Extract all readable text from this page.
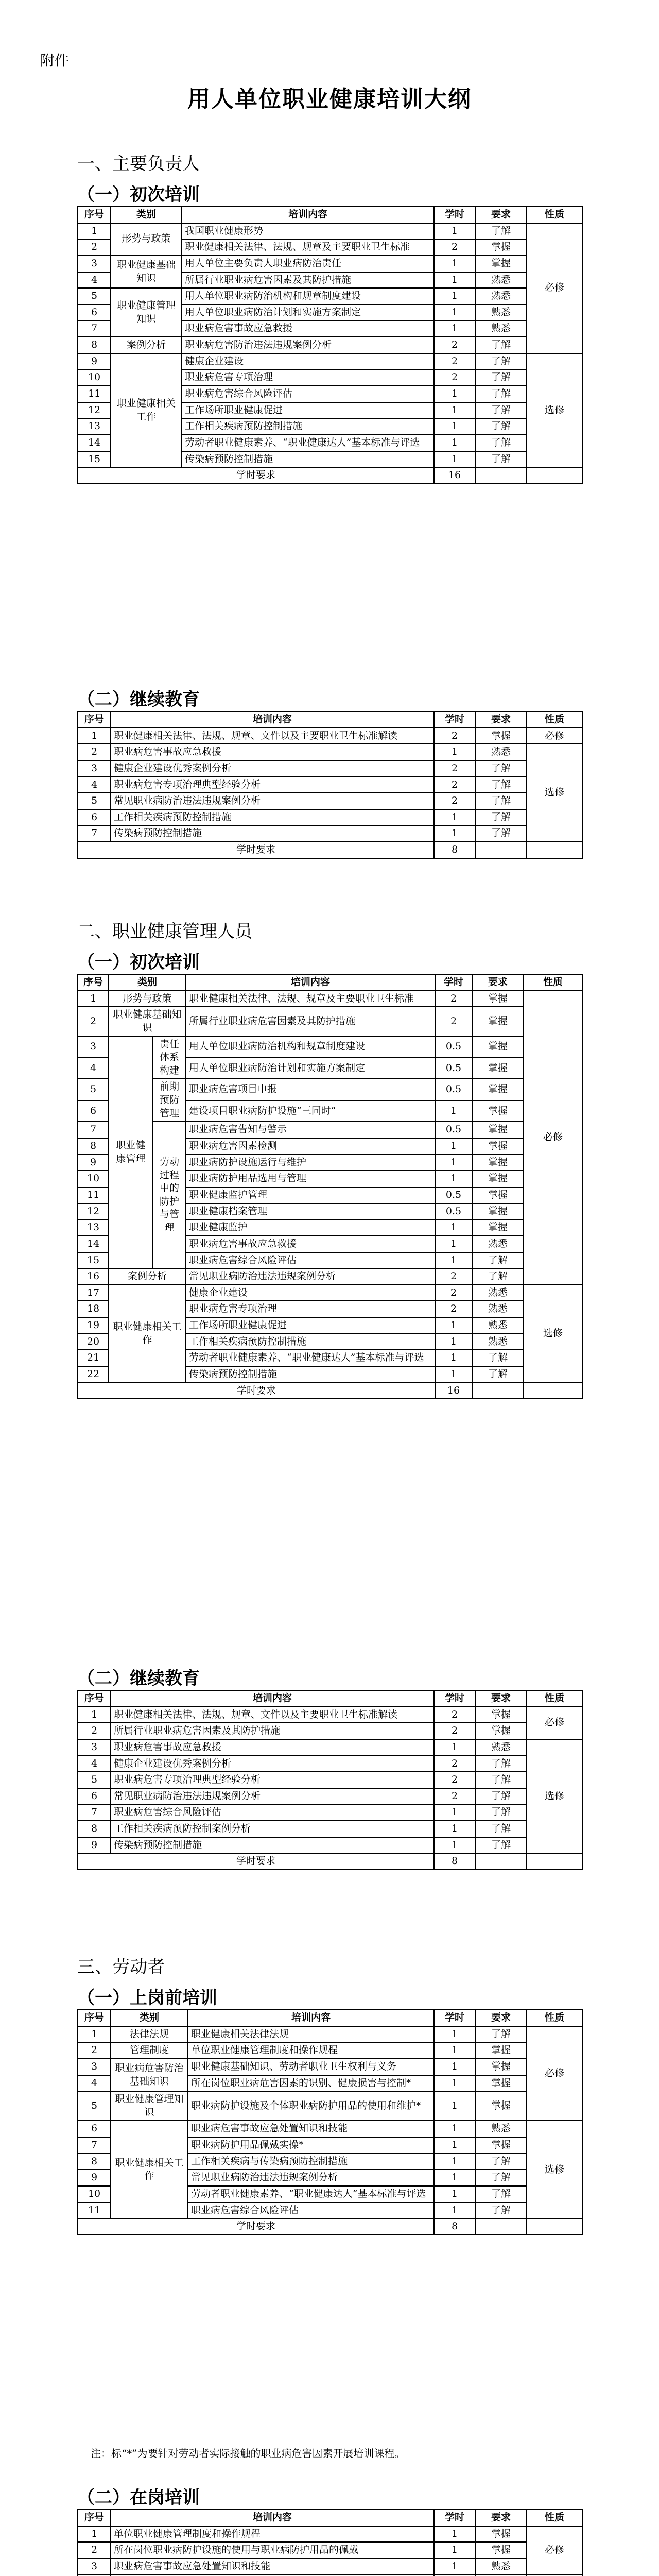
附件
用人单位职业健康培训大纲
一、主要负责人
（一）初次培训
序号	类别	培训内容	学时	要求	性质
1	形势与政策	我国职业健康形势	1	了解	必修
2		职业健康相关法律、法规、规章及主要职业卫生标准	2	掌握	
3	职业健康基础知识	用人单位主要负责人职业病防治责任	1	掌握	
4		所属行业职业病危害因素及其防护措施	1	熟悉	
5	职业健康管理知识	用人单位职业病防治机构和规章制度建设	1	熟悉	
6		用人单位职业病防治计划和实施方案制定	1	熟悉	
7		职业病危害事故应急救援	1	熟悉	
8	案例分析	职业病危害防治违法违规案例分析	2	了解	
9	职业健康相关工作	健康企业建设	2	了解	选修
10		职业病危害专项治理	2	了解	
11		职业病危害综合风险评估	1	了解	
12		工作场所职业健康促进	1	了解	
13		工作相关疾病预防控制措施	1	了解	
14		劳动者职业健康素养、“职业健康达人”基本标准与评选	1	了解	
15		传染病预防控制措施	1	了解	
学时要求			16		
（二）继续教育
序号	培训内容	学时	要求	性质
1	职业健康相关法律、法规、规章、文件以及主要职业卫生标准解读	2	掌握	必修
2	职业病危害事故应急救援	1	熟悉	选修
3	健康企业建设优秀案例分析	2	了解	
4	职业病危害专项治理典型经验分析	2	了解	
5	常见职业病防治违法违规案例分析	2	了解	
6	工作相关疾病预防控制措施	1	了解	
7	传染病预防控制措施	1	了解	
学时要求		8		
二、职业健康管理人员
（一）初次培训
序号	类别		培训内容	学时	要求	性质
1	形势与政策		职业健康相关法律、法规、规章及主要职业卫生标准	2	掌握	必修
2	职业健康基础知识		所属行业职业病危害因素及其防护措施	2	掌握	
3	职业健康管理	责任体系构建	用人单位职业病防治机构和规章制度建设	0.5	掌握	
4			用人单位职业病防治计划和实施方案制定	0.5	掌握	
5		前期预防管理	职业病危害项目申报	0.5	掌握	
6			建设项目职业病防护设施“三同时”	1	掌握	
7		劳动过程中的防护与管理	职业病危害告知与警示	0.5	掌握	
8			职业病危害因素检测	1	掌握	
9			职业病防护设施运行与维护	1	掌握	
10			职业病防护用品选用与管理	1	掌握	
11			职业健康监护管理	0.5	掌握	
12			职业健康档案管理	0.5	掌握	
13			职业健康监护	1	掌握	
14			职业病危害事故应急救援	1	熟悉	
15			职业病危害综合风险评估	1	了解	
16	案例分析		常见职业病防治违法违规案例分析	2	了解	
17	职业健康相关工作		健康企业建设	2	熟悉	选修
18			职业病危害专项治理	2	熟悉	
19			工作场所职业健康促进	1	熟悉	
20			工作相关疾病预防控制措施	1	熟悉	
21			劳动者职业健康素养、“职业健康达人”基本标准与评选	1	了解	
22			传染病预防控制措施	1	了解	
学时要求				16		
（二）继续教育
序号	培训内容	学时	要求	性质
1	职业健康相关法律、法规、规章、文件以及主要职业卫生标准解读	2	掌握	必修
2	所属行业职业病危害因素及其防护措施	2	掌握	
3	职业病危害事故应急救援	1	熟悉	选修
4	健康企业建设优秀案例分析	2	了解	
5	职业病危害专项治理典型经验分析	2	了解	
6	常见职业病防治违法违规案例分析	2	了解	
7	职业病危害综合风险评估	1	了解	
8	工作相关疾病预防控制案例分析	1	了解	
9	传染病预防控制措施	1	了解	
学时要求		8		
三、劳动者
（一）上岗前培训
序号	类别	培训内容	学时	要求	性质
1	法律法规	职业健康相关法律法规	1	了解	必修
2	管理制度	单位职业健康管理制度和操作规程	1	掌握	
3	职业病危害防治基础知识	职业健康基础知识、劳动者职业卫生权利与义务	1	掌握	
4		所在岗位职业病危害因素的识别、健康损害与控制*	1	掌握	
5	职业健康管理知识	职业病防护设施及个体职业病防护用品的使用和维护*	1	掌握	
6	职业健康相关工作	职业病危害事故应急处置知识和技能	1	熟悉	选修
7		职业病防护用品佩戴实操*	1	掌握	
8		工作相关疾病与传染病预防控制措施	1	了解	
9		常见职业病防治违法违规案例分析	1	了解	
10		劳动者职业健康素养、“职业健康达人”基本标准与评选	1	了解	
11		职业病危害综合风险评估	1	了解	
学时要求			8		
注：标“*”为要针对劳动者实际接触的职业病危害因素开展培训课程。
（二）在岗培训
序号	培训内容	学时	要求	性质
1	单位职业健康管理制度和操作规程	1	掌握	必修
2	所在岗位职业病防护设施的使用与职业病防护用品的佩戴	1	掌握	
3	职业病危害事故应急处置知识和技能	1	熟悉	
